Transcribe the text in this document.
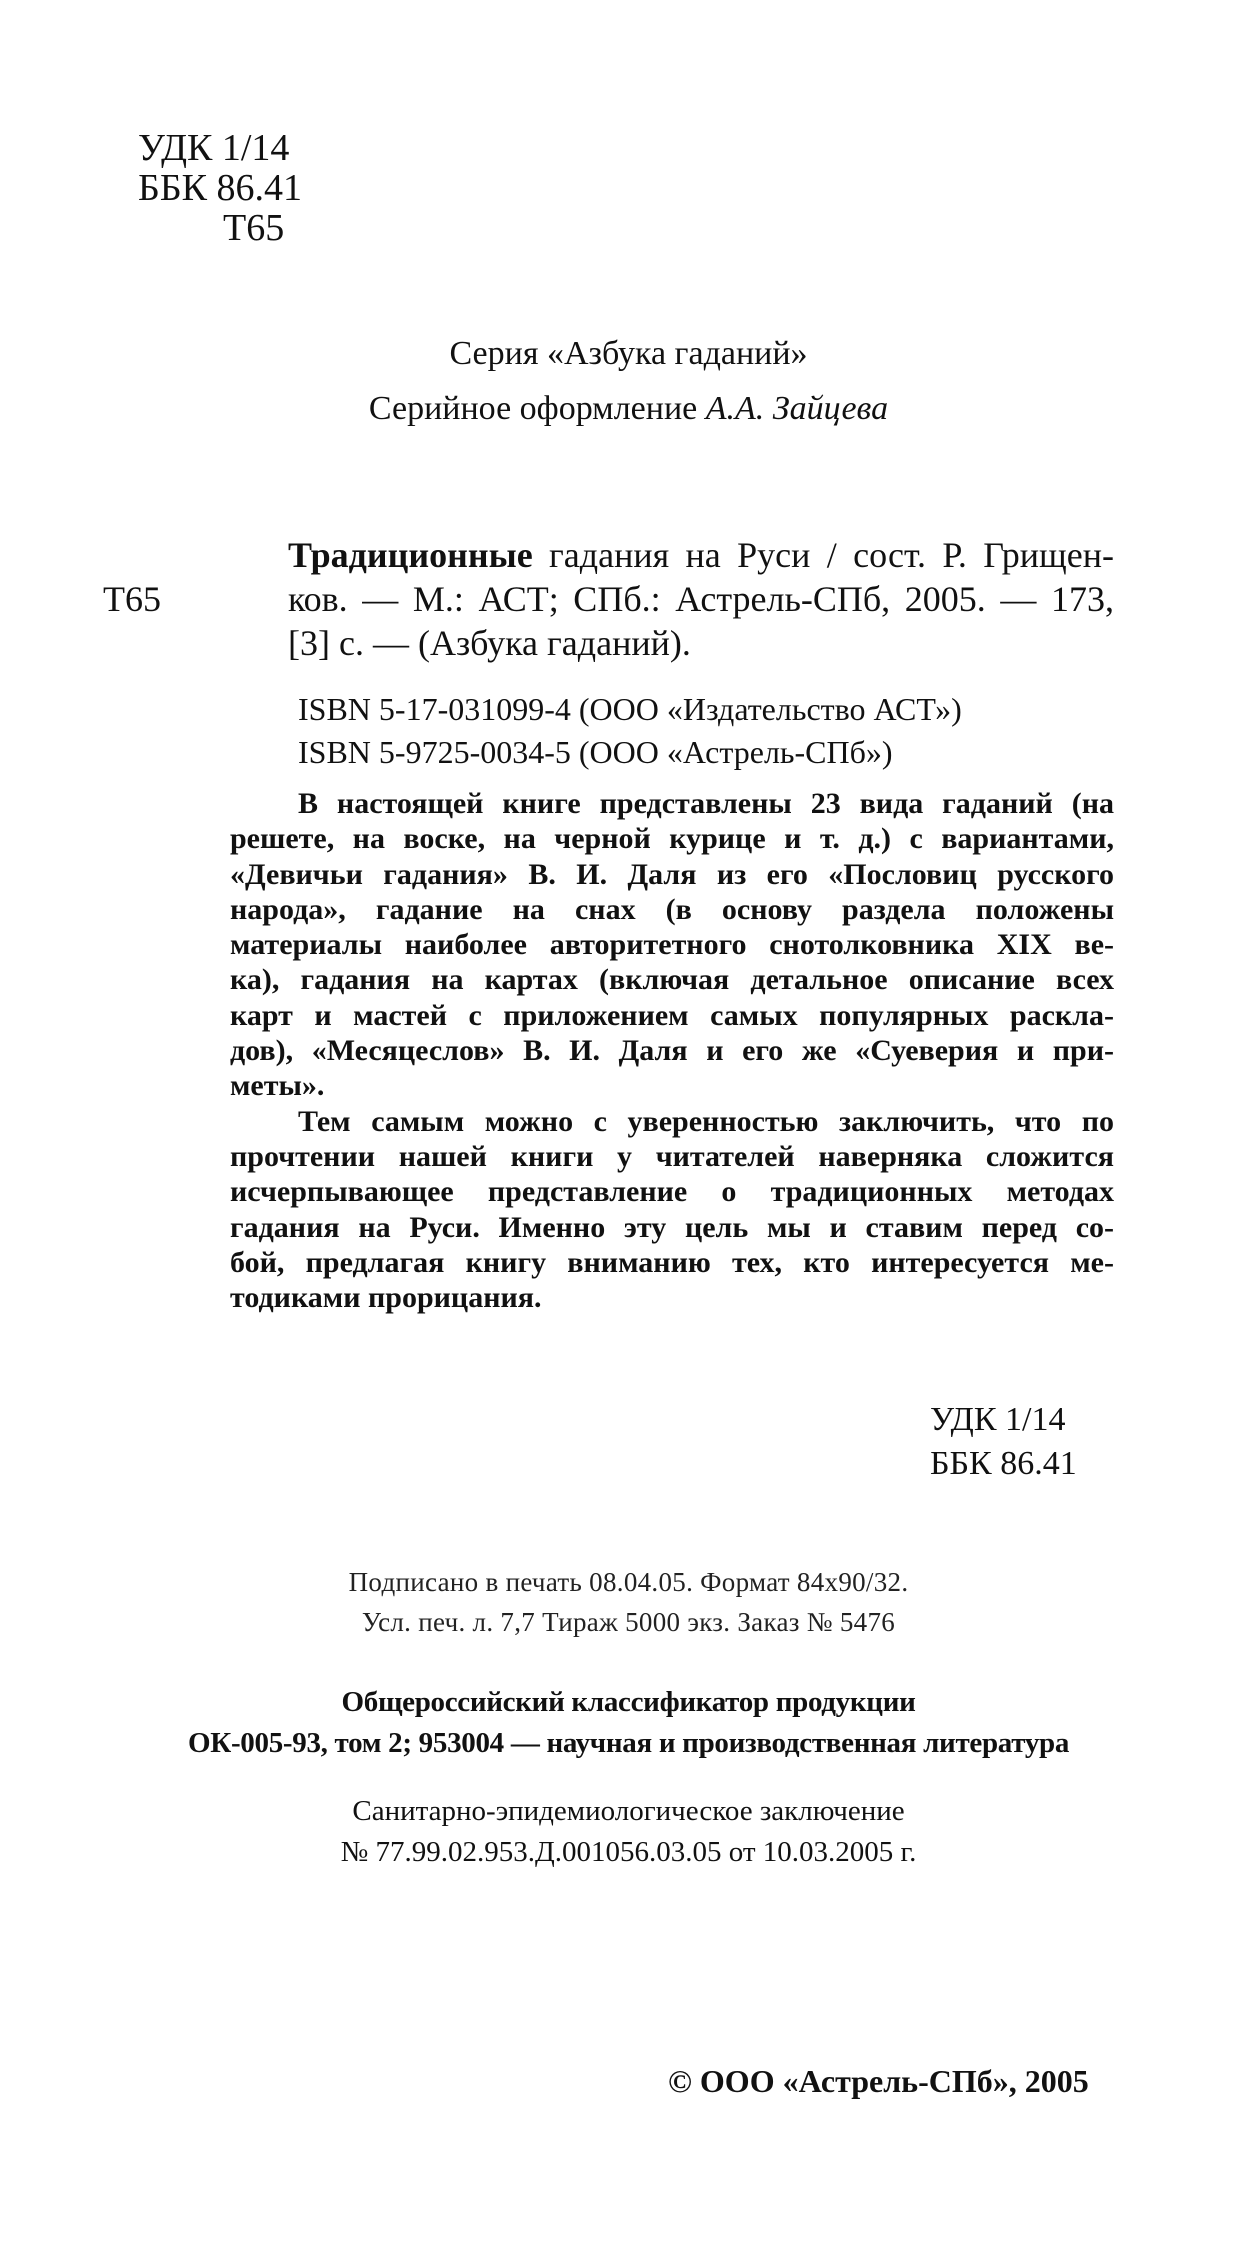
УДК 1/14
ББК 86.41
Т65
Серия «Азбука гаданий»
Серийное оформление А.А. Зайцева
Т65
Традиционные гадания на Руси / сост. Р. Грищен-
ков. — М.: АСТ; СПб.: Астрель-СПб, 2005. — 173,
[3] с. — (Азбука гаданий).
ISBN 5-17-031099-4 (ООО «Издательство АСТ»)
ISBN 5-9725-0034-5 (ООО «Астрель-СПб»)
В настоящей книге представлены 23 вида гаданий (на
решете, на воске, на черной курице и т. д.) с вариантами,
«Девичьи гадания» В. И. Даля из его «Пословиц русского
народа», гадание на снах (в основу раздела положены
материалы наиболее авторитетного снотолковника XIX ве-
ка), гадания на картах (включая детальное описание всех
карт и мастей с приложением самых популярных раскла-
дов), «Месяцеслов» В. И. Даля и его же «Суеверия и при-
меты».
Тем самым можно с уверенностью заключить, что по
прочтении нашей книги у читателей наверняка сложится
исчерпывающее представление о традиционных методах
гадания на Руси. Именно эту цель мы и ставим перед со-
бой, предлагая книгу вниманию тех, кто интересуется ме-
тодиками прорицания.
УДК 1/14
ББК 86.41
Подписано в печать 08.04.05. Формат 84х90/32.
Усл. печ. л. 7,7 Тираж 5000 экз. Заказ № 5476
Общероссийский классификатор продукции
ОК-005-93, том 2; 953004 — научная и производственная литература
Санитарно-эпидемиологическое заключение
№ 77.99.02.953.Д.001056.03.05 от 10.03.2005 г.
© ООО «Астрель-СПб», 2005
